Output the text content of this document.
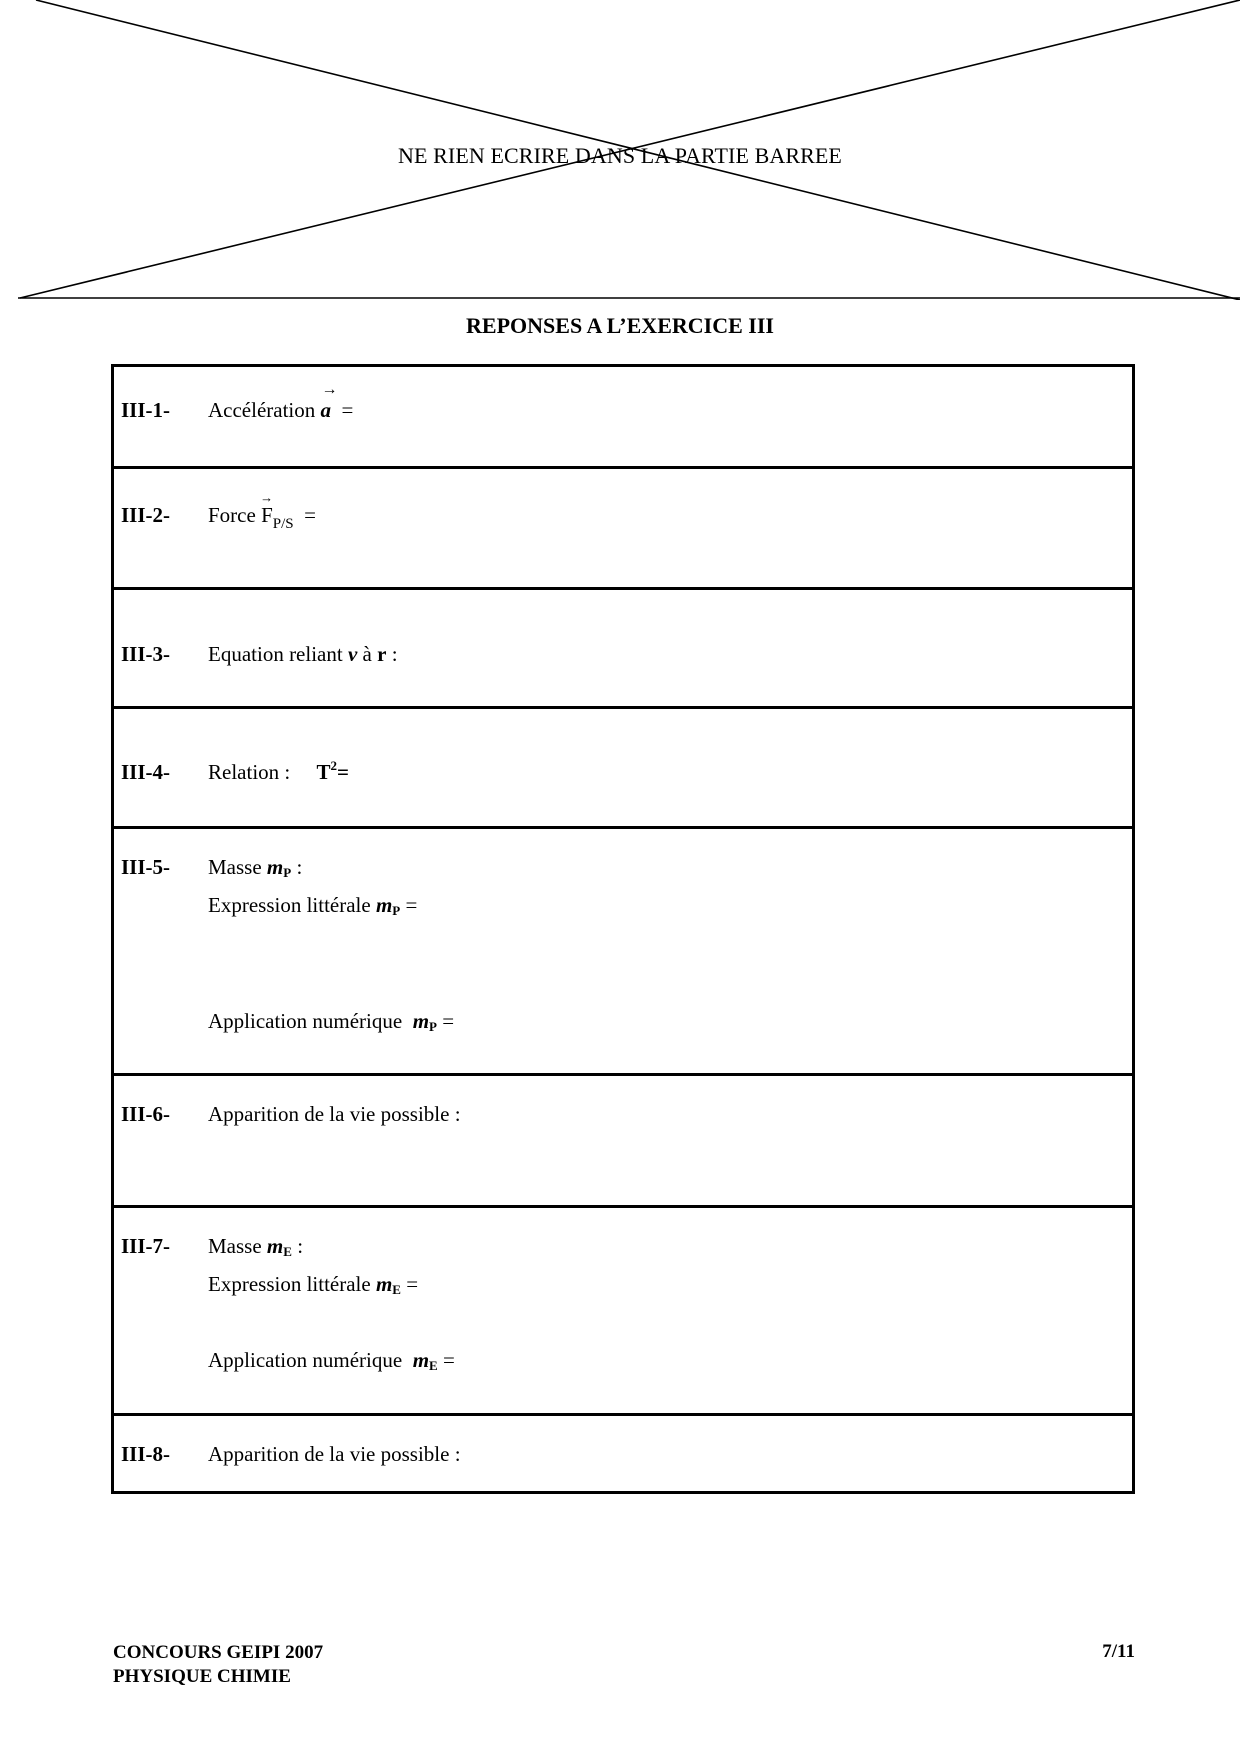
NE RIEN ECRIRE DANS LA PARTIE BARREE
REPONSES A L’EXERCICE III
III-1- Accélération
→
a =
III-2- Force
→
$F_{P/S}$ =
III-3- Equation reliant v à r :
III-4- Relation : $T^2=$
III-5- Masse mP :
Expression littérale mP =
Application numérique mP =
III-6- Apparition de la vie possible :
III-7- Masse mE :
Expression littérale mE =
Application numérique mE =
III-8- Apparition de la vie possible :
CONCOURS GEIPI 2007
PHYSIQUE CHIMIE
7/11
